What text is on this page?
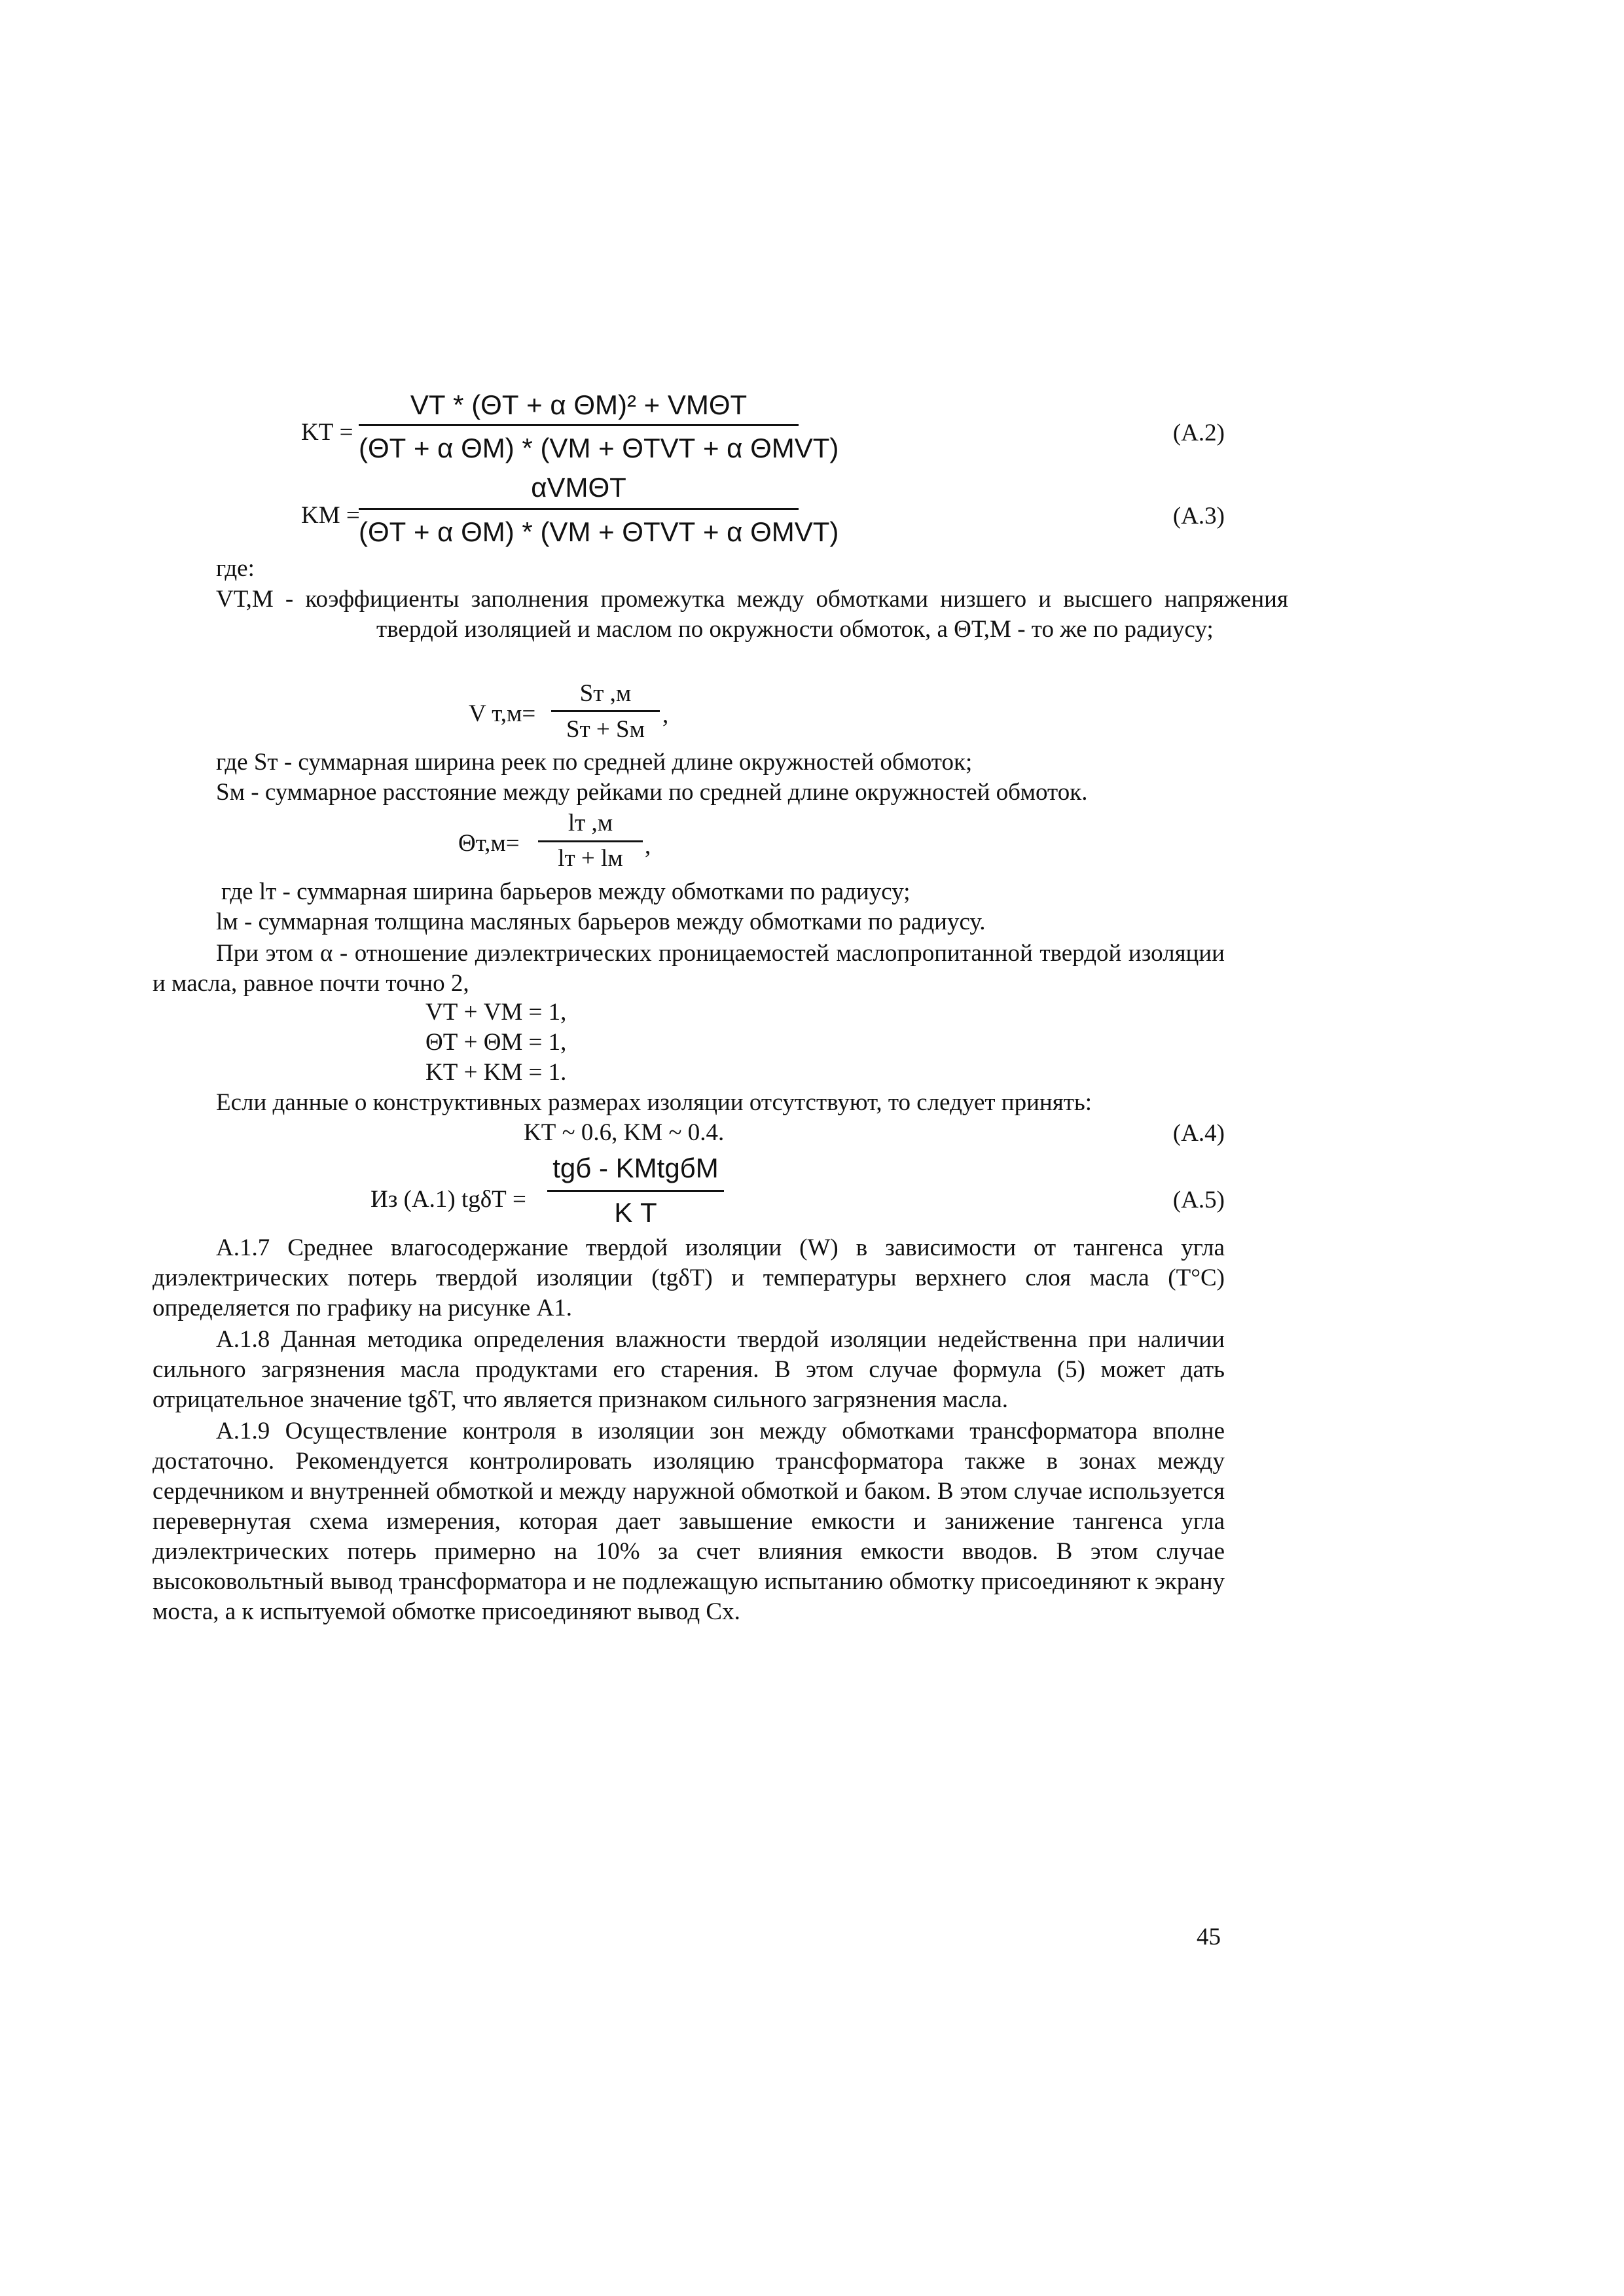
KТ =
VТ * (ΘТ + α ΘМ)² + VМΘТ
(ΘТ + α ΘМ) * (VМ + ΘТVТ + α ΘМVТ)	(A.2)
KМ =
αVМΘТ
(ΘТ + α ΘМ) * (VМ + ΘТVТ + α ΘМVТ)
(A.3)
где:
VТ,М - коэффициенты заполнения промежутка между обмотками низшего и высшего напряжения твердой изоляцией и маслом по окружности обмоток, а ΘТ,М - то же по радиусу;
V т,м=
Sт ,м
Sт + Sм
,
где Sт - суммарная ширина реек по средней длине окружностей обмоток;
Sм - суммарное расстояние между рейками по средней длине окружностей обмоток.
Θт,м=
lт ,м
lт + lм ,
где lт - суммарная ширина барьеров между обмотками по радиусу;
lм - суммарная толщина масляных барьеров между обмотками по радиусу.
При этом α - отношение диэлектрических проницаемостей маслопропитанной твердой изоляции и масла, равное почти точно 2,
VТ + VМ = 1,
ΘТ + ΘМ = 1,
KТ + KМ = 1.
Если данные о конструктивных размерах изоляции отсутствуют, то следует принять:
KТ ~ 0.6, KМ ~ 0.4.	(A.4)
Из (A.1) tgδТ =
tgб - KМtgбМ
K Т	(A.5)
A.1.7 Среднее влагосодержание твердой изоляции (W) в зависимости от тангенса угла диэлектрических потерь твердой изоляции (tgδТ) и температуры верхнего слоя масла (T°C) определяется по графику на рисунке A1.
A.1.8 Данная методика определения влажности твердой изоляции недейственна при наличии сильного загрязнения масла продуктами его старения. В этом случае формула (5) может дать отрицательное значение tgδТ, что является признаком сильного загрязнения масла.
A.1.9 Осуществление контроля в изоляции зон между обмотками трансформатора вполне достаточно. Рекомендуется контролировать изоляцию трансформатора также в зонах между сердечником и внутренней обмоткой и между наружной обмоткой и баком. В этом случае используется перевернутая схема измерения, которая дает завышение емкости и занижение тангенса угла диэлектрических потерь примерно на 10% за счет влияния емкости вводов. В этом случае высоковольтный вывод трансформатора и не подлежащую испытанию обмотку присоединяют к экрану моста, а к испытуемой обмотке присоединяют вывод Cx.
45
